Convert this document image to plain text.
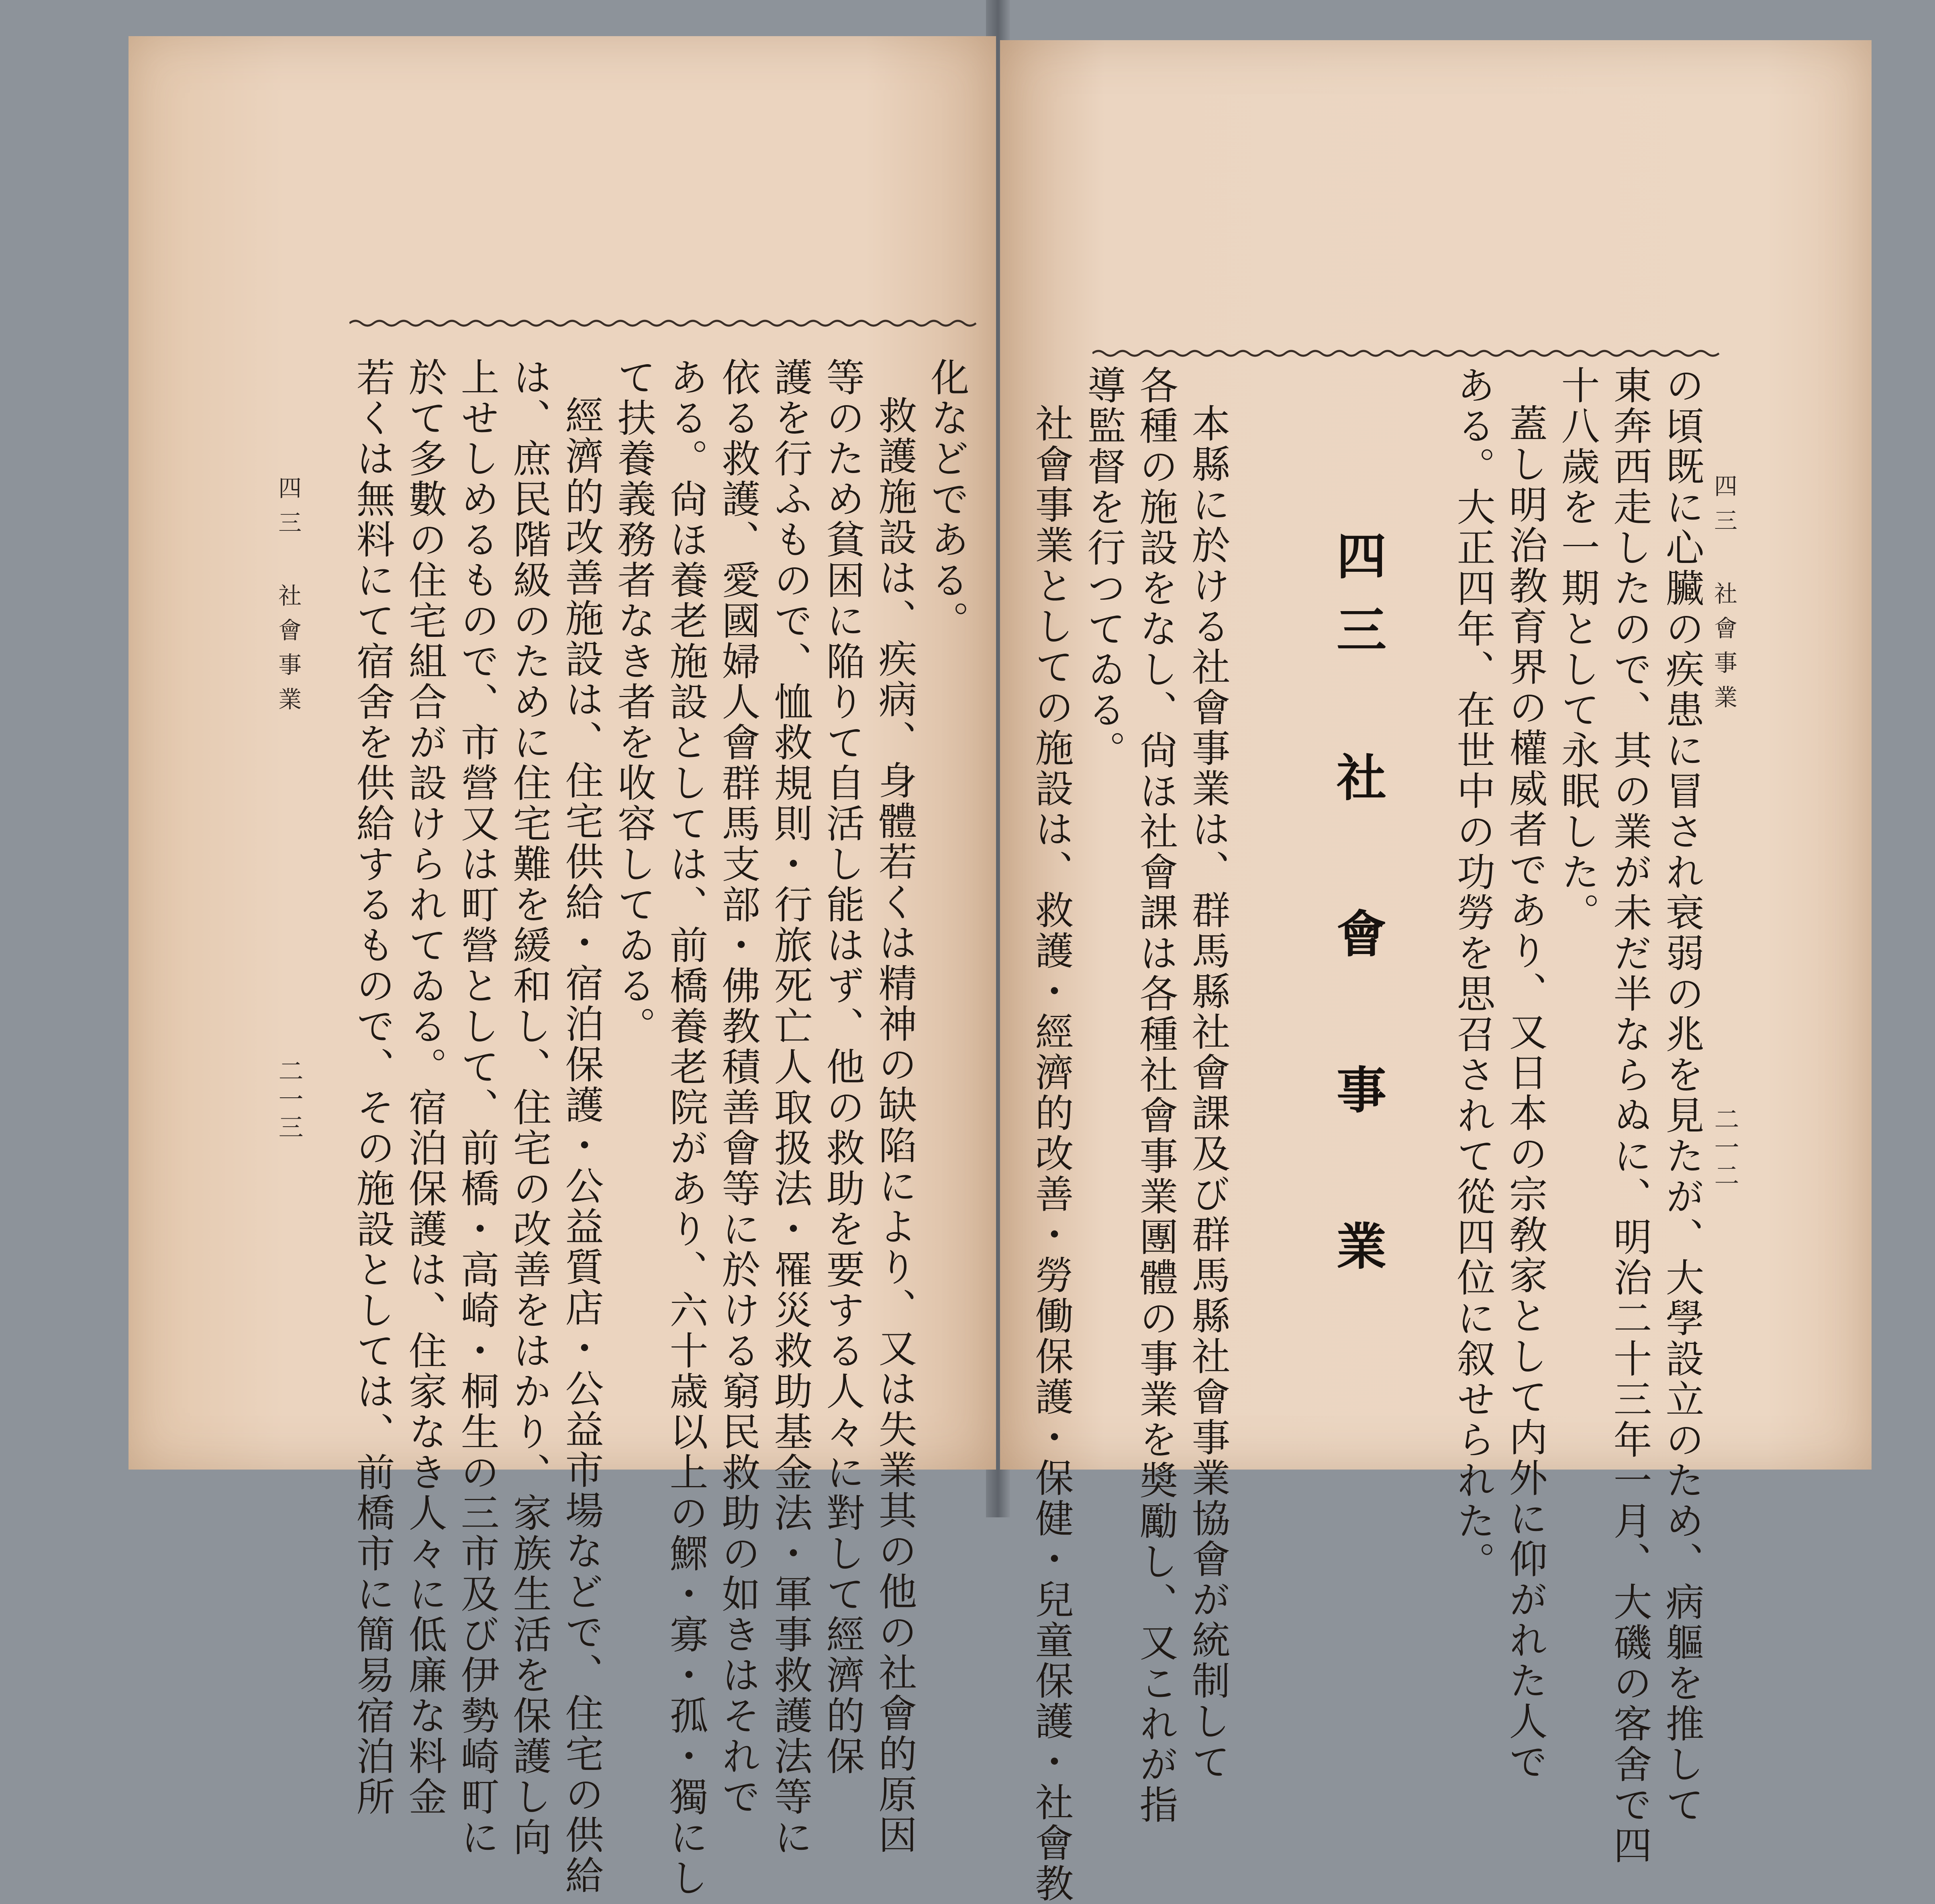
四三 社會事業
二一三
化などである。
救護施設は、疾病、身體若くは精神の缺陷により、又は失業其の他の社會的原因
等のため貧困に陥りて自活し能はず、他の救助を要する人々に對して經濟的保
護を行ふもので、恤救規則・行旅死亡人取扱法・罹災救助基金法・軍事救護法等に
依る救護、愛國婦人會群馬支部・佛教積善會等に於ける窮民救助の如きはそれで
ある。尙ほ養老施設としては、前橋養老院があり、六十歳以上の鰥・寡・孤・獨にし
て扶養義務者なき者を收容してゐる。
經濟的改善施設は、住宅供給・宿泊保護・公益質店・公益市場などで、住宅の供給
は、庶民階級のために住宅難を緩和し、住宅の改善をはかり、家族生活を保護し向
上せしめるもので、市營又は町營として、前橋・高崎・桐生の三市及び伊勢崎町に
於て多數の住宅組合が設けられてゐる。宿泊保護は、住家なき人々に低廉な料金
若くは無料にて宿舍を供給するもので、その施設としては、前橋市に簡易宿泊所	四三 社會事業
二一二
の頃既に心臟の疾患に冒され衰弱の兆を見たが、大學設立のため、病軀を推して
東奔西走したので、其の業が未だ半ならぬに、明治二十三年一月、大磯の客舍で四
十八歲を一期として永眠した。
蓋し明治教育界の權威者であり、又日本の宗敎家として内外に仰がれた人で
ある。大正四年、在世中の功勞を思召されて從四位に叙せられた。
四三　社 會 事 業
本縣に於ける社會事業は、群馬縣社會課及び群馬縣社會事業協會が統制して
各種の施設をなし、尙ほ社會課は各種社會事業團體の事業を奬勵し、又これが指
導監督を行つてゐる。
社會事業としての施設は、救護・經濟的改善・勞働保護・保健・兒童保護・社會教
